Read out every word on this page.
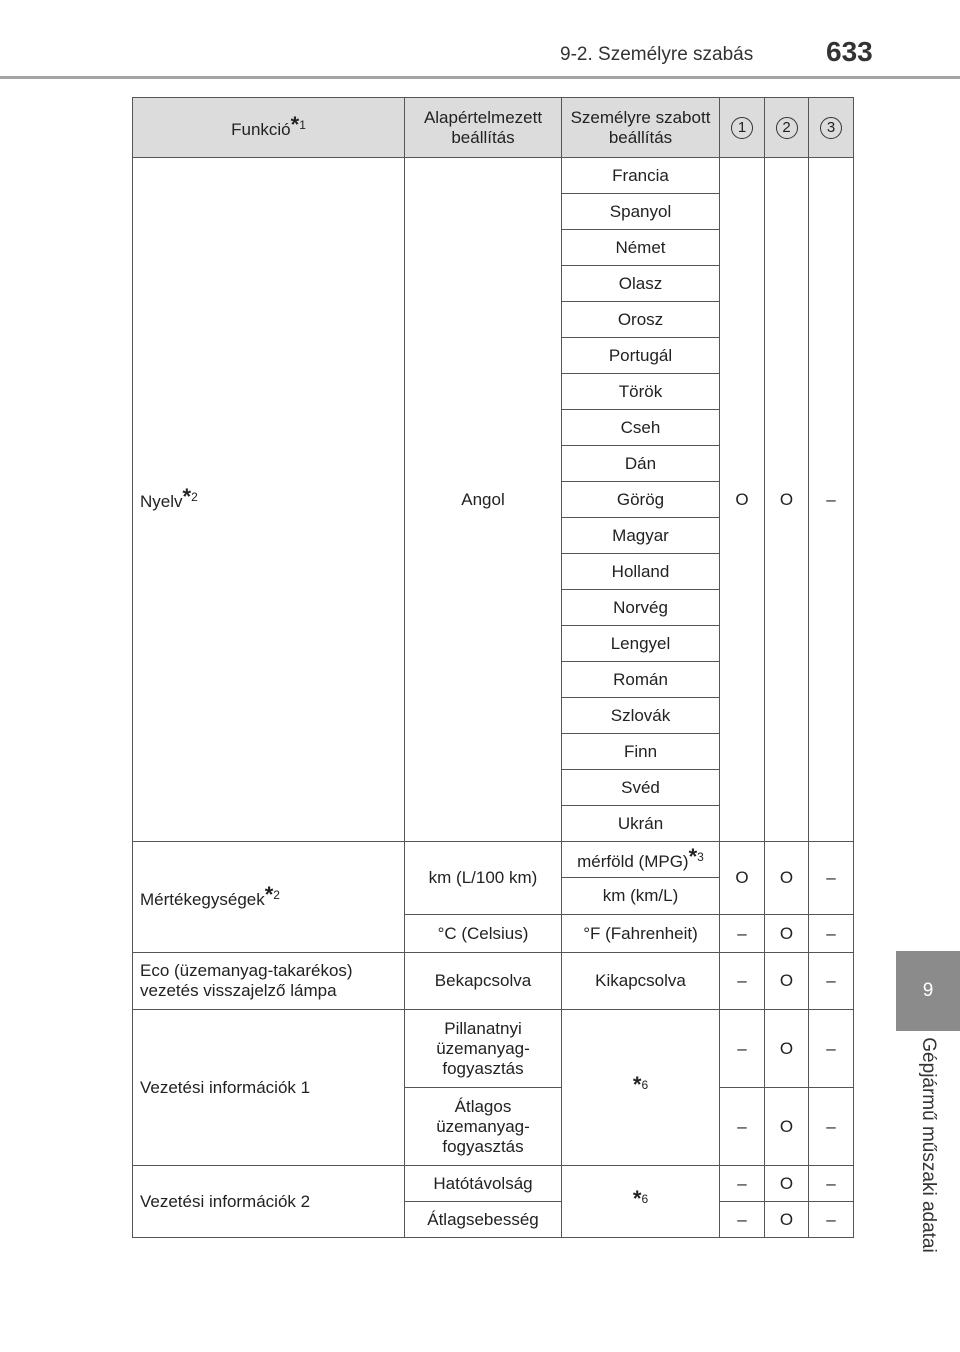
9-2. Személyre szabás	633
9
Gépjármű műszaki adatai
Funkció*$^1$	Alapértelmezett beállítás	Személyre szabott beállítás	1	2	3
Nyelv*$^2$	Angol	Francia	O	O	–
		Spanyol			
		Német			
		Olasz			
		Orosz			
		Portugál			
		Török			
		Cseh			
		Dán			
		Görög			
		Magyar			
		Holland			
		Norvég			
		Lengyel			
		Román			
		Szlovák			
		Finn			
		Svéd			
		Ukrán			
Mértékegységek*$^2$	km (L/100 km)	mérföld (MPG)*$^3$	O	O	–
		km (km/L)			
	°C (Celsius)	°F (Fahrenheit)	–	O	–
Eco (üzemanyag-takarékos) vezetés visszajelző lámpa	Bekapcsolva	Kikapcsolva	–	O	–
Vezetési információk 1	Pillanatnyi üzemanyag-fogyasztás	*$^6$	–	O	–
	Átlagos üzemanyag-fogyasztás		–	O	–
Vezetési információk 2	Hatótávolság	*$^6$	–	O	–
	Átlagsebesség		–	O	–
